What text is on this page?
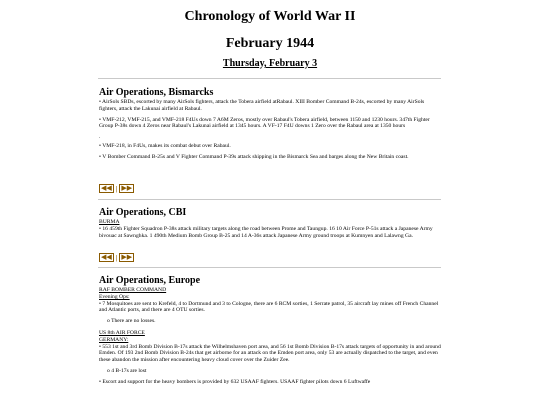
Chronology of World War II
February 1944
Thursday, February 3
Air Operations, Bismarcks

• AirSols SBDs, escorted by many AirSols fighters, attack the Tobera airfield atRabaul. XIII Bomber Command B-24s, escorted by many AirSols fighters, attack the Lakunai airfield at Rabaul.

• VMF-212, VMF-215, and VMF-218 F4Us down 7 A6M Zeros, mostly over Rabaul's Tobera airfield, between 1150 and 1230 hours. 347th Fighter Group P-38s down 4 Zeros near Rabaul's Lakunai airfield at 1345 hours. A VF-17 F4U downs 1 Zero over the Rabaul area at 1350 hours

.

• VMF-218, in F4Us, makes its combat debut over Rabaul.

• V Bomber Command B-25s and V Fighter Command P-39s attack shipping in the Bismarck Sea and barges along the New Britain coast.

◀◀ | ▶▶
Air Operations, CBI
BURMA

• 16 459th Fighter Squadron P-38s attack military targets along the road between Prome and Taungup. 16 10 Air Force P-51s attack a Japanese Army bivouac at Sawnghka. 1 490th Medium Bomb Group B-25 and 14 A-36s attack Japanese Army ground troops at Kumnyen and Lalawng Ga.

◀◀ | ▶▶
Air Operations, Europe
RAF BOMBER COMMAND
Evening Ops:

• 7 Mosquitoes are sent to Krefeld, 4 to Dortmund and 3 to Cologne, there are 6 RCM sorties, 1 Serrate patrol, 35 aircraft lay mines off French Channel and Atlantic ports, and there are 4 OTU sorties.

o There are no losses.

US 8th AIR FORCE
GERMANY:

• 553 1st and 3rd Bomb Division B-17s attack the Wilhelmshaven port area, and 56 1st Bomb Division B-17s attack targets of opportunity in and around Emden. Of 193 2nd Bomb Division B-24s that get airborne for an attack on the Emden port area, only 53 are actually dispatched to the target, and even these abandon the mission after encountering heavy cloud cover over the Zuider Zee.

o 4 B-17s are lost

• Escort and support for the heavy bombers is provided by 632 USAAF fighters. USAAF fighter pilots down 6 Luftwaffe
